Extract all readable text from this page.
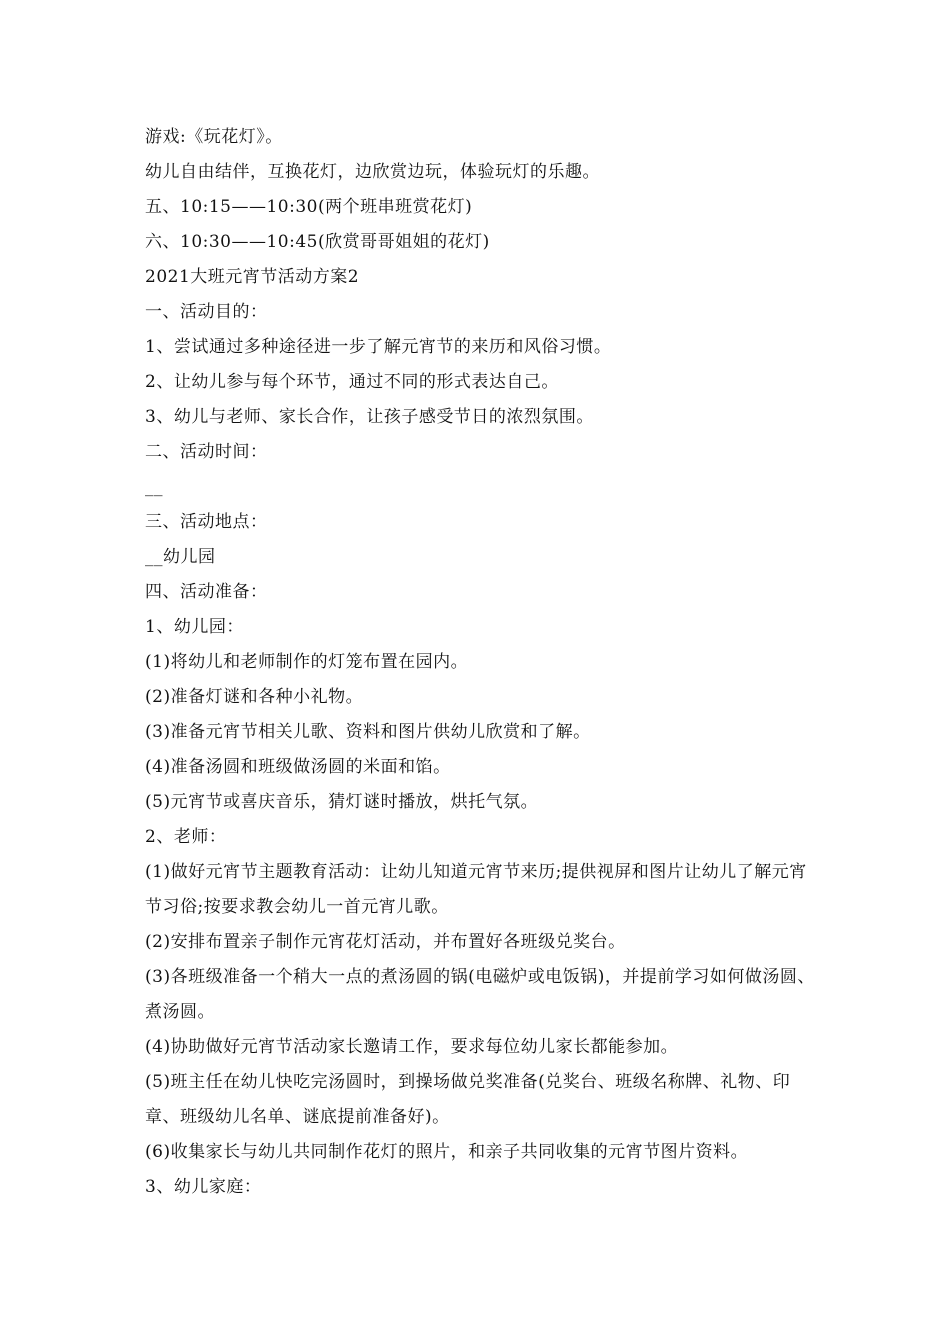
游戏:《玩花灯》。
幼儿自由结伴，互换花灯，边欣赏边玩，体验玩灯的乐趣。
五、10:15——10:30(两个班串班赏花灯)
六、10:30——10:45(欣赏哥哥姐姐的花灯)
2021大班元宵节活动方案2
一、活动目的：
1、尝试通过多种途径进一步了解元宵节的来历和风俗习惯。
2、让幼儿参与每个环节，通过不同的形式表达自己。
3、幼儿与老师、家长合作，让孩子感受节日的浓烈氛围。
二、活动时间：
__
三、活动地点：
__幼儿园
四、活动准备：
1、幼儿园：
(1)将幼儿和老师制作的灯笼布置在园内。
(2)准备灯谜和各种小礼物。
(3)准备元宵节相关儿歌、资料和图片供幼儿欣赏和了解。
(4)准备汤圆和班级做汤圆的米面和馅。
(5)元宵节或喜庆音乐，猜灯谜时播放，烘托气氛。
2、老师：
(1)做好元宵节主题教育活动：让幼儿知道元宵节来历;提供视屏和图片让幼儿了解元宵节习俗;按要求教会幼儿一首元宵儿歌。
(2)安排布置亲子制作元宵花灯活动，并布置好各班级兑奖台。
(3)各班级准备一个稍大一点的煮汤圆的锅(电磁炉或电饭锅)，并提前学习如何做汤圆、煮汤圆。
(4)协助做好元宵节活动家长邀请工作，要求每位幼儿家长都能参加。
(5)班主任在幼儿快吃完汤圆时，到操场做兑奖准备(兑奖台、班级名称牌、礼物、印章、班级幼儿名单、谜底提前准备好)。
(6)收集家长与幼儿共同制作花灯的照片，和亲子共同收集的元宵节图片资料。
3、幼儿家庭：
